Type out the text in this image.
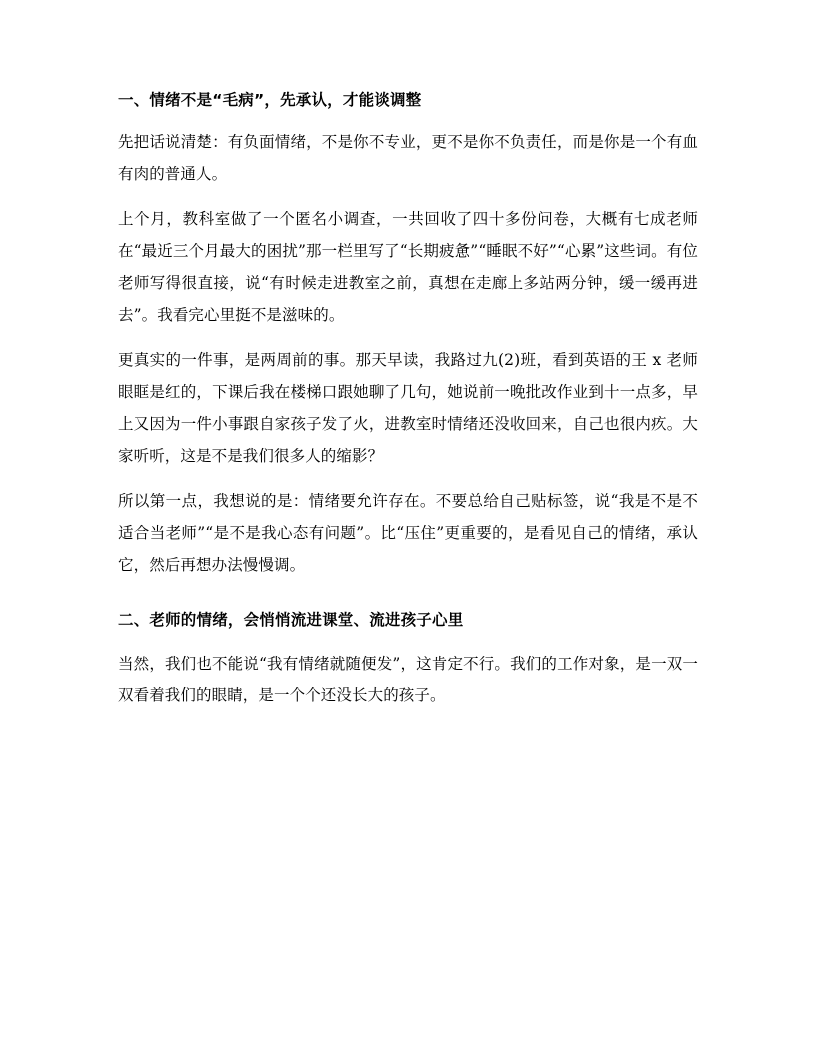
一、情绪不是“毛病”，先承认，才能谈调整

先把话说清楚：有负面情绪，不是你不专业，更不是你不负责任，而是你是一个有血有肉的普通人。

上个月，教科室做了一个匿名小调查，一共回收了四十多份问卷，大概有七成老师在“最近三个月最大的困扰”那一栏里写了“长期疲惫”“睡眠不好”“心累”这些词。有位老师写得很直接，说“有时候走进教室之前，真想在走廊上多站两分钟，缓一缓再进去”。我看完心里挺不是滋味的。

更真实的一件事，是两周前的事。那天早读，我路过九(2)班，看到英语的王 x 老师眼眶是红的，下课后我在楼梯口跟她聊了几句，她说前一晚批改作业到十一点多，早上又因为一件小事跟自家孩子发了火，进教室时情绪还没收回来，自己也很内疚。大家听听，这是不是我们很多人的缩影？

所以第一点，我想说的是：情绪要允许存在。不要总给自己贴标签，说“我是不是不适合当老师”“是不是我心态有问题”。比“压住”更重要的，是看见自己的情绪，承认它，然后再想办法慢慢调。

二、老师的情绪，会悄悄流进课堂、流进孩子心里

当然，我们也不能说“我有情绪就随便发”，这肯定不行。我们的工作对象，是一双一双看着我们的眼睛，是一个个还没长大的孩子。
